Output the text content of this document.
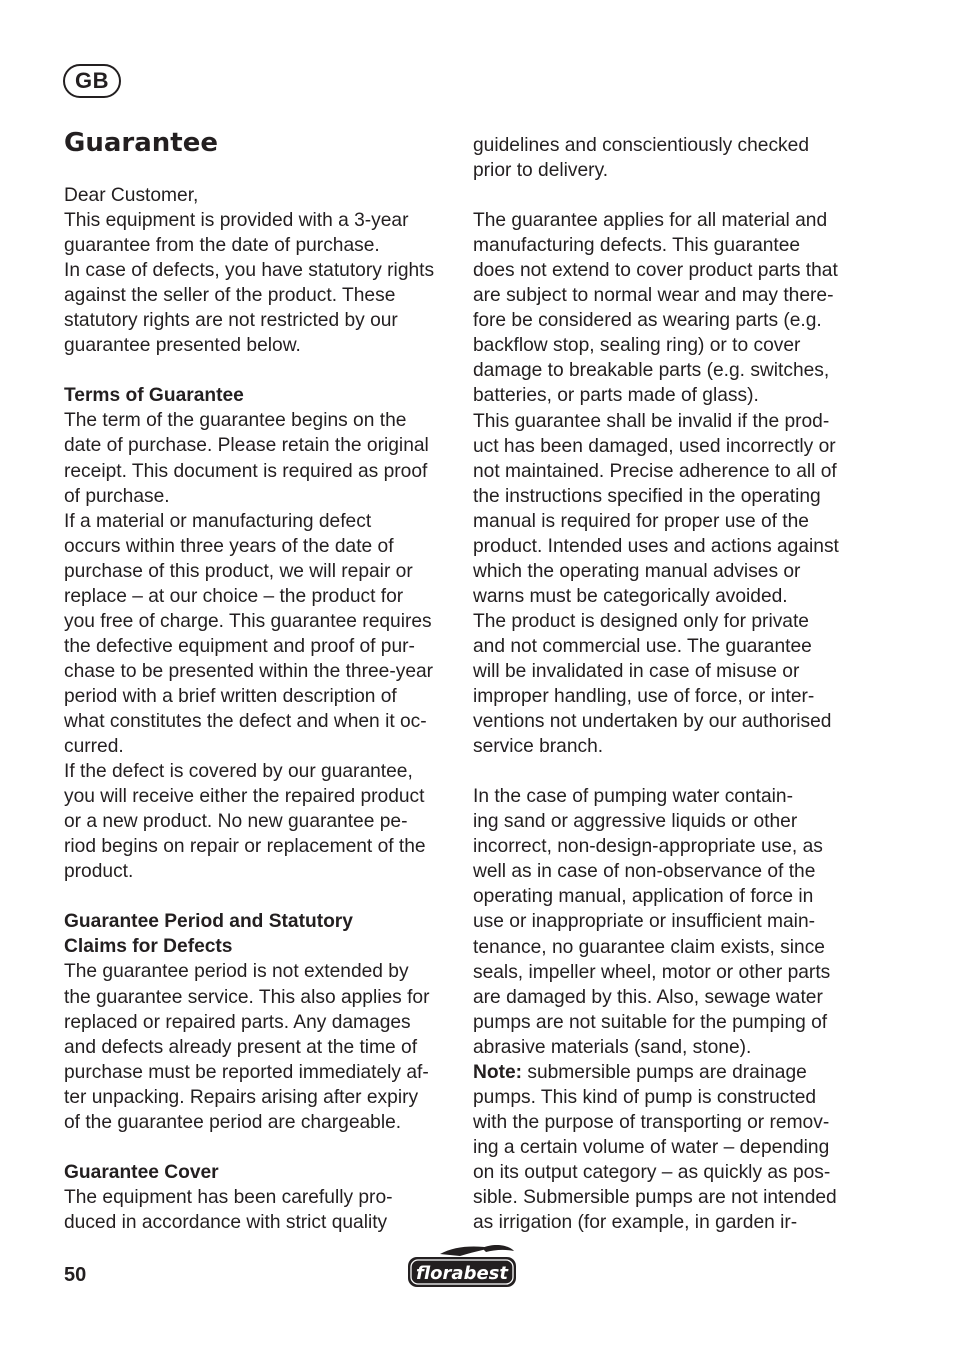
GB
Guarantee
Dear Customer,
This equipment is provided with a 3-year
guarantee from the date of purchase.
In case of defects, you have statutory rights
against the seller of the product. These
statutory rights are not restricted by our
guarantee presented below.
Terms of Guarantee
The term of the guarantee begins on the
date of purchase. Please retain the original
receipt. This document is required as proof
of purchase.
If a material or manufacturing defect
occurs within three years of the date of
purchase of this product, we will repair or
replace – at our choice – the product for
you free of charge. This guarantee requires
the defective equipment and proof of pur-
chase to be presented within the three-year
period with a brief written description of
what constitutes the defect and when it oc-
curred.
If the defect is covered by our guarantee,
you will receive either the repaired product
or a new product. No new guarantee pe-
riod begins on repair or replacement of the
product.
Guarantee Period and Statutory
Claims for Defects
The guarantee period is not extended by
the guarantee service. This also applies for
replaced or repaired parts. Any damages
and defects already present at the time of
purchase must be reported immediately af-
ter unpacking. Repairs arising after expiry
of the guarantee period are chargeable.
Guarantee Cover
The equipment has been carefully pro-
duced in accordance with strict quality
guidelines and conscientiously checked
prior to delivery.
The guarantee applies for all material and
manufacturing defects. This guarantee
does not extend to cover product parts that
are subject to normal wear and may there-
fore be considered as wearing parts (e.g.
backflow stop, sealing ring) or to cover
damage to breakable parts (e.g. switches,
batteries, or parts made of glass).
This guarantee shall be invalid if the prod-
uct has been damaged, used incorrectly or
not maintained. Precise adherence to all of
the instructions specified in the operating
manual is required for proper use of the
product. Intended uses and actions against
which the operating manual advises or
warns must be categorically avoided.
The product is designed only for private
and not commercial use. The guarantee
will be invalidated in case of misuse or
improper handling, use of force, or inter-
ventions not undertaken by our authorised
service branch.
In the case of pumping water contain-
ing sand or aggressive liquids or other
incorrect, non-design-appropriate use, as
well as in case of non-observance of the
operating manual, application of force in
use or inappropriate or insufficient main-
tenance, no guarantee claim exists, since
seals, impeller wheel, motor or other parts
are damaged by this. Also, sewage water
pumps are not suitable for the pumping of
abrasive materials (sand, stone).
Note: submersible pumps are drainage
pumps. This kind of pump is constructed
with the purpose of transporting or remov-
ing a certain volume of water – depending
on its output category – as quickly as pos-
sible. Submersible pumps are not intended
as irrigation (for example, in garden ir-
50	florabest
